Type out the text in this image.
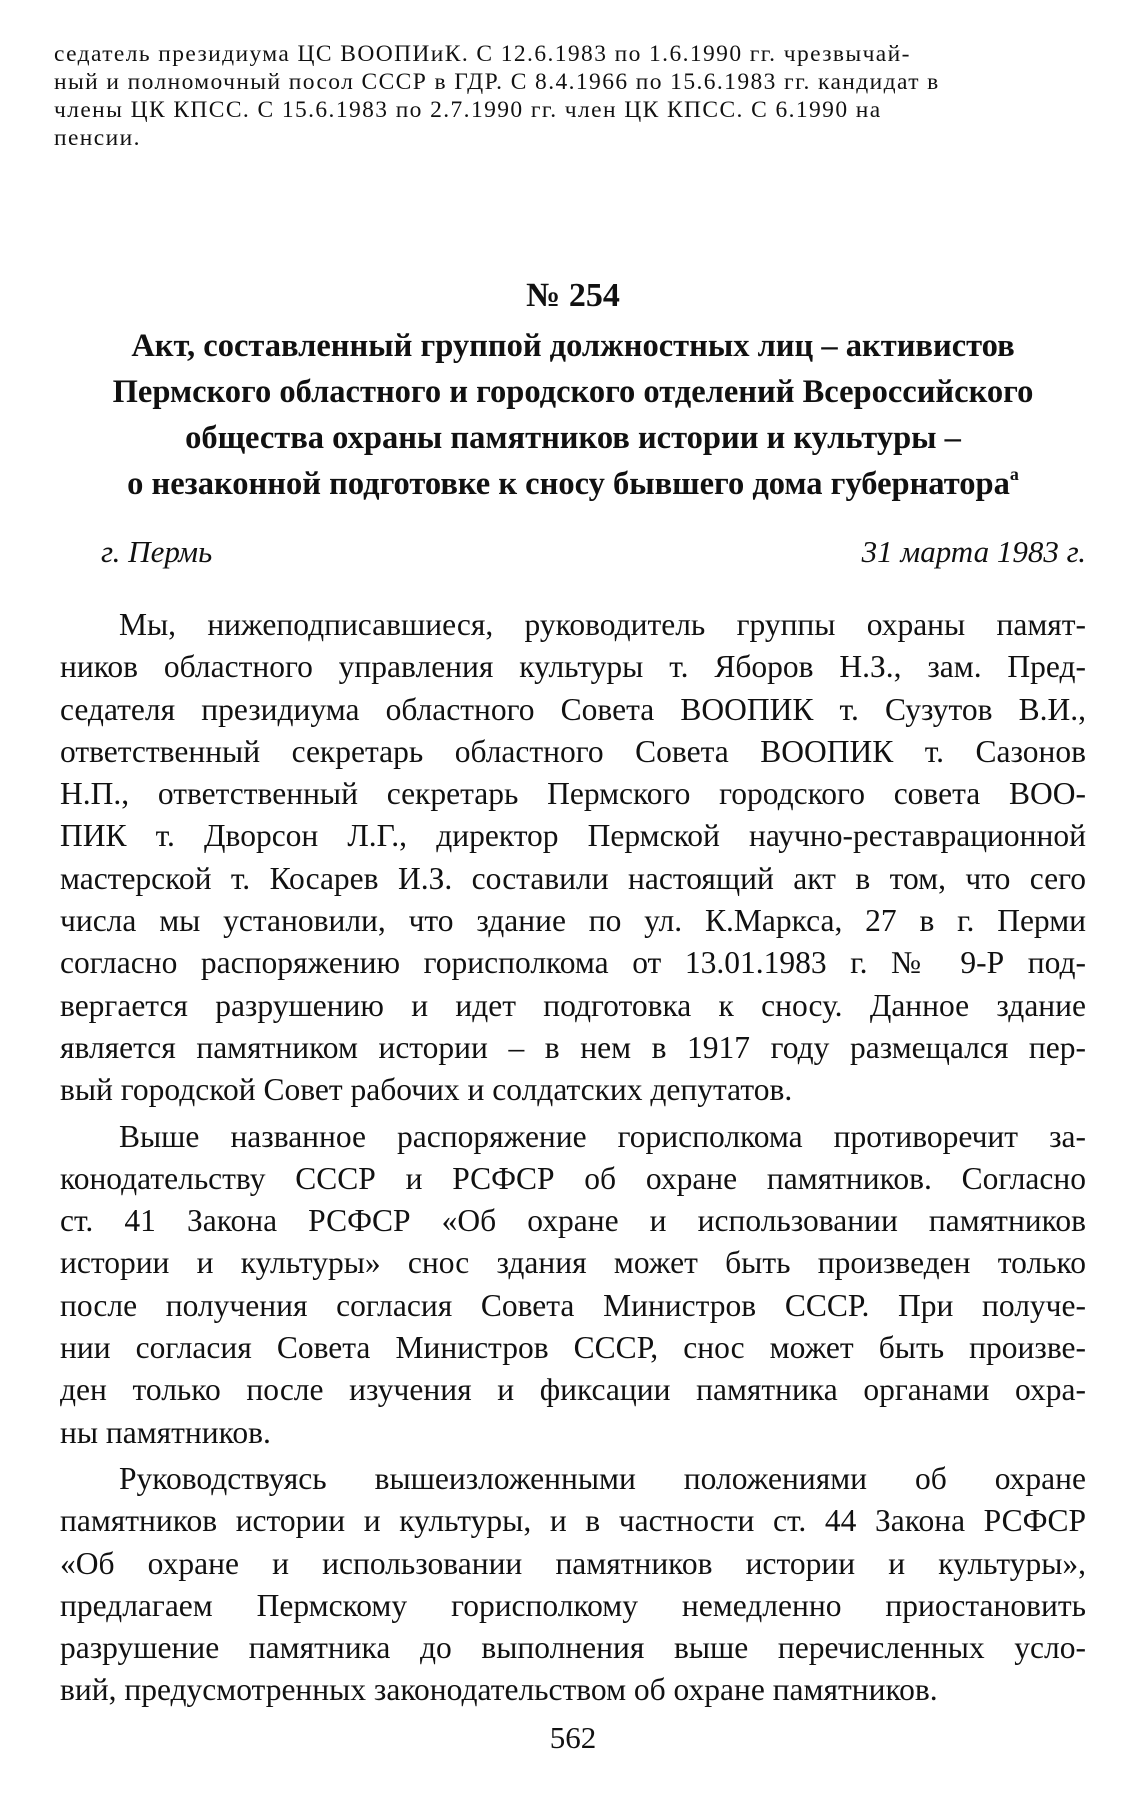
седатель президиума ЦС ВООПИиК. С 12.6.1983 по 1.6.1990 гг. чрезвычай-
ный и полномочный посол СССР в ГДР. С 8.4.1966 по 15.6.1983 гг. кандидат в
члены ЦК КПСС. С 15.6.1983 по 2.7.1990 гг. член ЦК КПСС. С 6.1990 на
пенсии.
№ 254
Акт, составленный группой должностных лиц – активистов
Пермского областного и городского отделений Всероссийского
общества охраны памятников истории и культуры –
о незаконной подготовке к сносу бывшего дома губернатора$^а$
г. Пермь	31 марта 1983 г.
Мы, нижеподписавшиеся, руководитель группы охраны памят-
ников областного управления культуры т. Яборов Н.З., зам. Пред-
седателя президиума областного Совета ВООПИК т. Сузутов В.И.,
ответственный секретарь областного Совета ВООПИК т. Сазонов
Н.П., ответственный секретарь Пермского городского совета ВОО-
ПИК т. Дворсон Л.Г., директор Пермской научно-реставрационной
мастерской т. Косарев И.З. составили настоящий акт в том, что сего
числа мы установили, что здание по ул. К.Маркса, 27 в г. Перми
согласно распоряжению горисполкома от 13.01.1983 г. № 9-Р под-
вергается разрушению и идет подготовка к сносу. Данное здание
является памятником истории – в нем в 1917 году размещался пер-
вый городской Совет рабочих и солдатских депутатов.
Выше названное распоряжение горисполкома противоречит за-
конодательству СССР и РСФСР об охране памятников. Согласно
ст. 41 Закона РСФСР «Об охране и использовании памятников
истории и культуры» снос здания может быть произведен только
после получения согласия Совета Министров СССР. При получе-
нии согласия Совета Министров СССР, снос может быть произве-
ден только после изучения и фиксации памятника органами охра-
ны памятников.
Руководствуясь вышеизложенными положениями об охране
памятников истории и культуры, и в частности ст. 44 Закона РСФСР
«Об охране и использовании памятников истории и культуры»,
предлагаем Пермскому горисполкому немедленно приостановить
разрушение памятника до выполнения выше перечисленных усло-
вий, предусмотренных законодательством об охране памятников.
562
